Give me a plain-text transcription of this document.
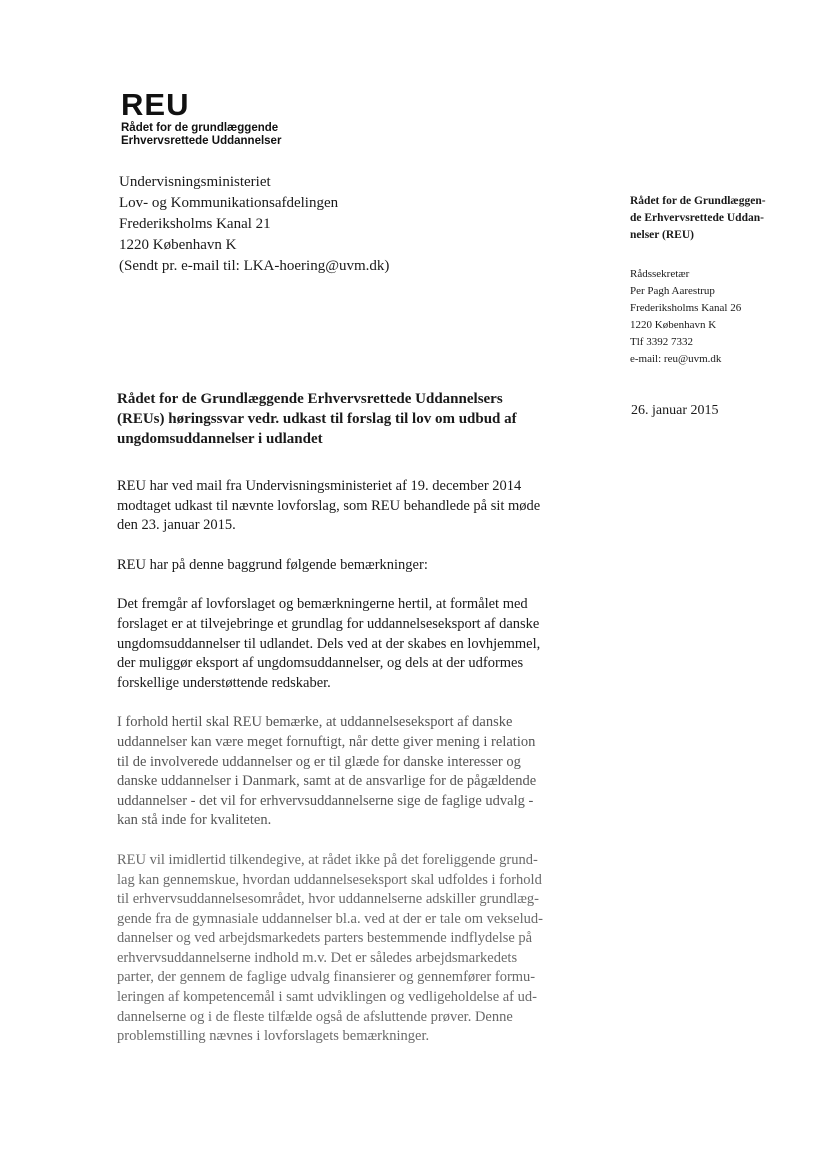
REU
Rådet for de grundlæggende
Erhvervsrettede Uddannelser
Undervisningsministeriet
Lov- og Kommunikationsafdelingen
Frederiksholms Kanal 21
1220 København K
(Sendt pr. e-mail til: LKA-hoering@uvm.dk)
Rådet for de Grundlæggen-
de Erhvervsrettede Uddan-
nelser (REU)
Rådssekretær
Per Pagh Aarestrup
Frederiksholms Kanal 26
1220 København K
Tlf 3392 7332
e-mail: reu@uvm.dk
Rådet for de Grundlæggende Erhvervsrettede Uddannelsers
(REUs) høringssvar vedr. udkast til forslag til lov om udbud af
ungdomsuddannelser i udlandet
26. januar 2015

REU har ved mail fra Undervisningsministeriet af 19. december 2014
modtaget udkast til nævnte lovforslag, som REU behandlede på sit møde
den 23. januar 2015.

REU har på denne baggrund følgende bemærkninger:

Det fremgår af lovforslaget og bemærkningerne hertil, at formålet med
forslaget er at tilvejebringe et grundlag for uddannelseseksport af danske
ungdomsuddannelser til udlandet. Dels ved at der skabes en lovhjemmel,
der muliggør eksport af ungdomsuddannelser, og dels at der udformes
forskellige understøttende redskaber.

I forhold hertil skal REU bemærke, at uddannelseseksport af danske
uddannelser kan være meget fornuftigt, når dette giver mening i relation
til de involverede uddannelser og er til glæde for danske interesser og
danske uddannelser i Danmark, samt at de ansvarlige for de pågældende
uddannelser - det vil for erhvervsuddannelserne sige de faglige udvalg -
kan stå inde for kvaliteten.

REU vil imidlertid tilkendegive, at rådet ikke på det foreliggende grund-
lag kan gennemskue, hvordan uddannelseseksport skal udfoldes i forhold
til erhvervsuddannelsesområdet, hvor uddannelserne adskiller grundlæg-
gende fra de gymnasiale uddannelser bl.a. ved at der er tale om vekselud-
dannelser og ved arbejdsmarkedets parters bestemmende indflydelse på
erhvervsuddannelserne indhold m.v. Det er således arbejdsmarkedets
parter, der gennem de faglige udvalg finansierer og gennemfører formu-
leringen af kompetencemål i samt udviklingen og vedligeholdelse af ud-
dannelserne og i de fleste tilfælde også de afsluttende prøver. Denne
problemstilling nævnes i lovforslagets bemærkninger.
